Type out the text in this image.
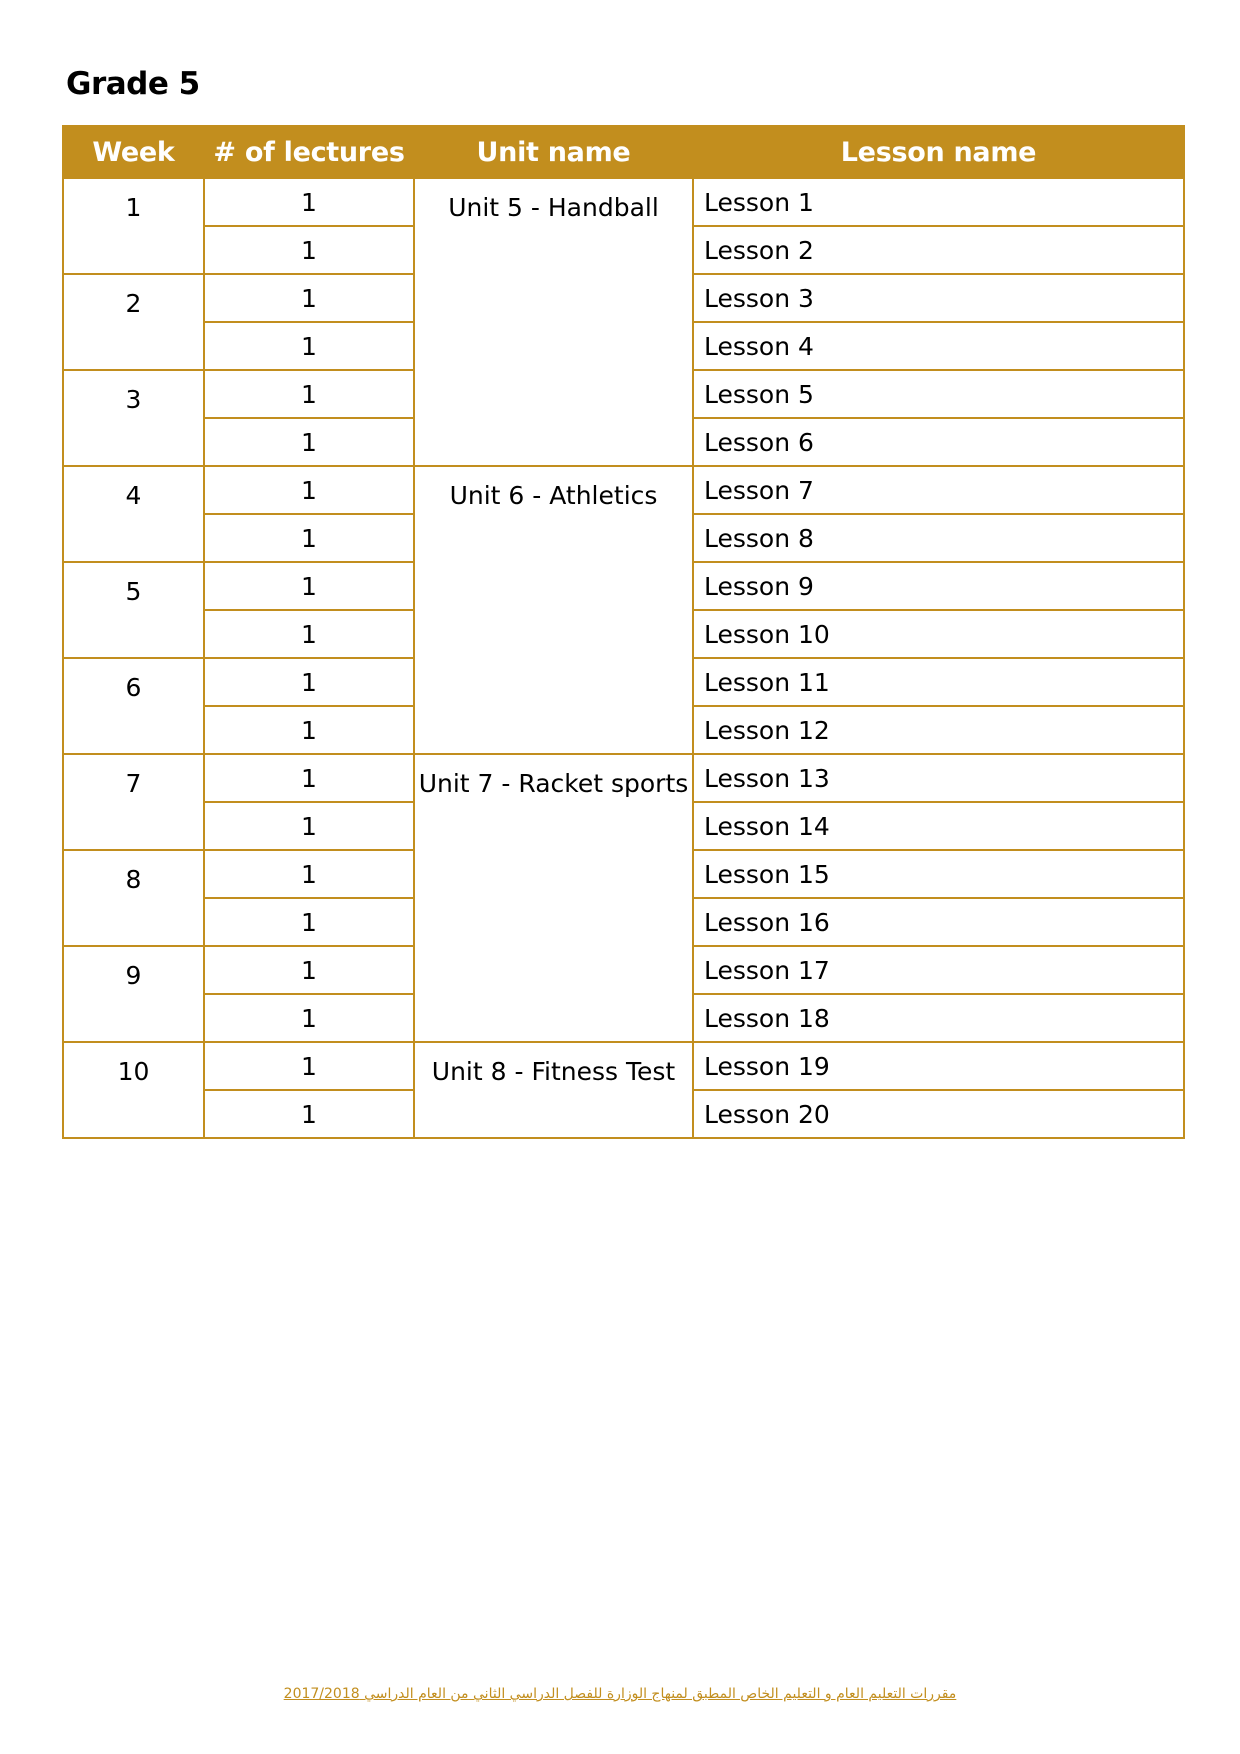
Grade 5
Week	# of lectures	Unit name	Lesson name
1	1	Unit 5 - Handball	Lesson 1
	1		Lesson 2
2	1		Lesson 3
	1		Lesson 4
3	1		Lesson 5
	1		Lesson 6
4	1	Unit 6 - Athletics	Lesson 7
	1		Lesson 8
5	1		Lesson 9
	1		Lesson 10
6	1		Lesson 11
	1		Lesson 12
7	1	Unit 7 - Racket sports	Lesson 13
	1		Lesson 14
8	1		Lesson 15
	1		Lesson 16
9	1		Lesson 17
	1		Lesson 18
10	1	Unit 8 - Fitness Test	Lesson 19
	1		Lesson 20
مقررات التعليم العام و التعليم الخاص المطبق لمنهاج الوزارة للفصل الدراسي الثاني من العام الدراسي 2017/2018
